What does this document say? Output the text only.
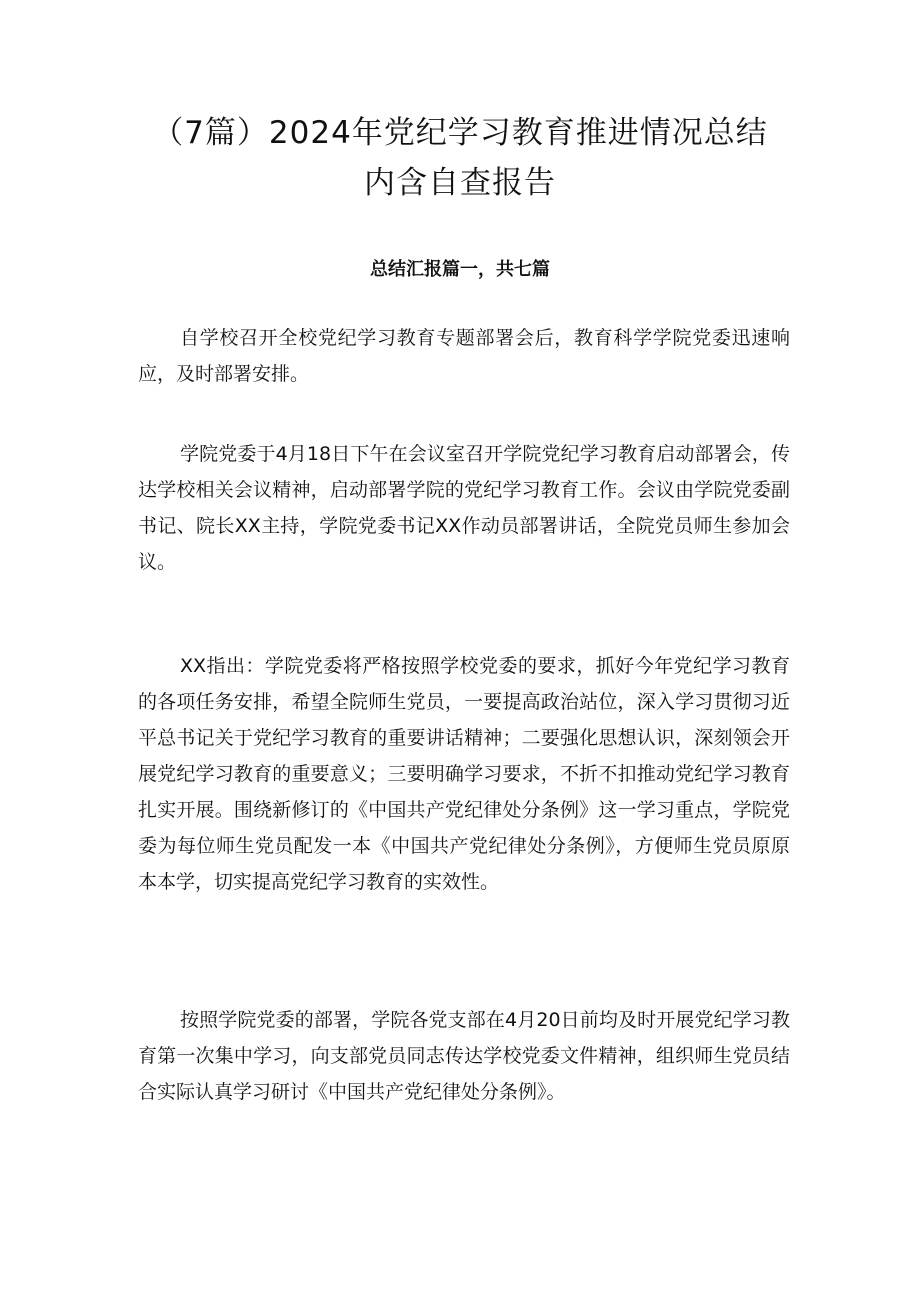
（7篇）2024年党纪学习教育推进情况总结
内含自查报告
总结汇报篇一，共七篇

自学校召开全校党纪学习教育专题部署会后，教育科学学院党委迅速响应，及时部署安排。

学院党委于4月18日下午在会议室召开学院党纪学习教育启动部署会，传达学校相关会议精神，启动部署学院的党纪学习教育工作。会议由学院党委副书记、院长XX主持，学院党委书记XX作动员部署讲话，全院党员师生参加会议。

XX指出：学院党委将严格按照学校党委的要求，抓好今年党纪学习教育的各项任务安排，希望全院师生党员，一要提高政治站位，深入学习贯彻习近平总书记关于党纪学习教育的重要讲话精神；二要强化思想认识，深刻领会开展党纪学习教育的重要意义；三要明确学习要求，不折不扣推动党纪学习教育扎实开展。围绕新修订的《中国共产党纪律处分条例》这一学习重点，学院党委为每位师生党员配发一本《中国共产党纪律处分条例》，方便师生党员原原本本学，切实提高党纪学习教育的实效性。

按照学院党委的部署，学院各党支部在4月20日前均及时开展党纪学习教育第一次集中学习，向支部党员同志传达学校党委文件精神，组织师生党员结合实际认真学习研讨《中国共产党纪律处分条例》。
